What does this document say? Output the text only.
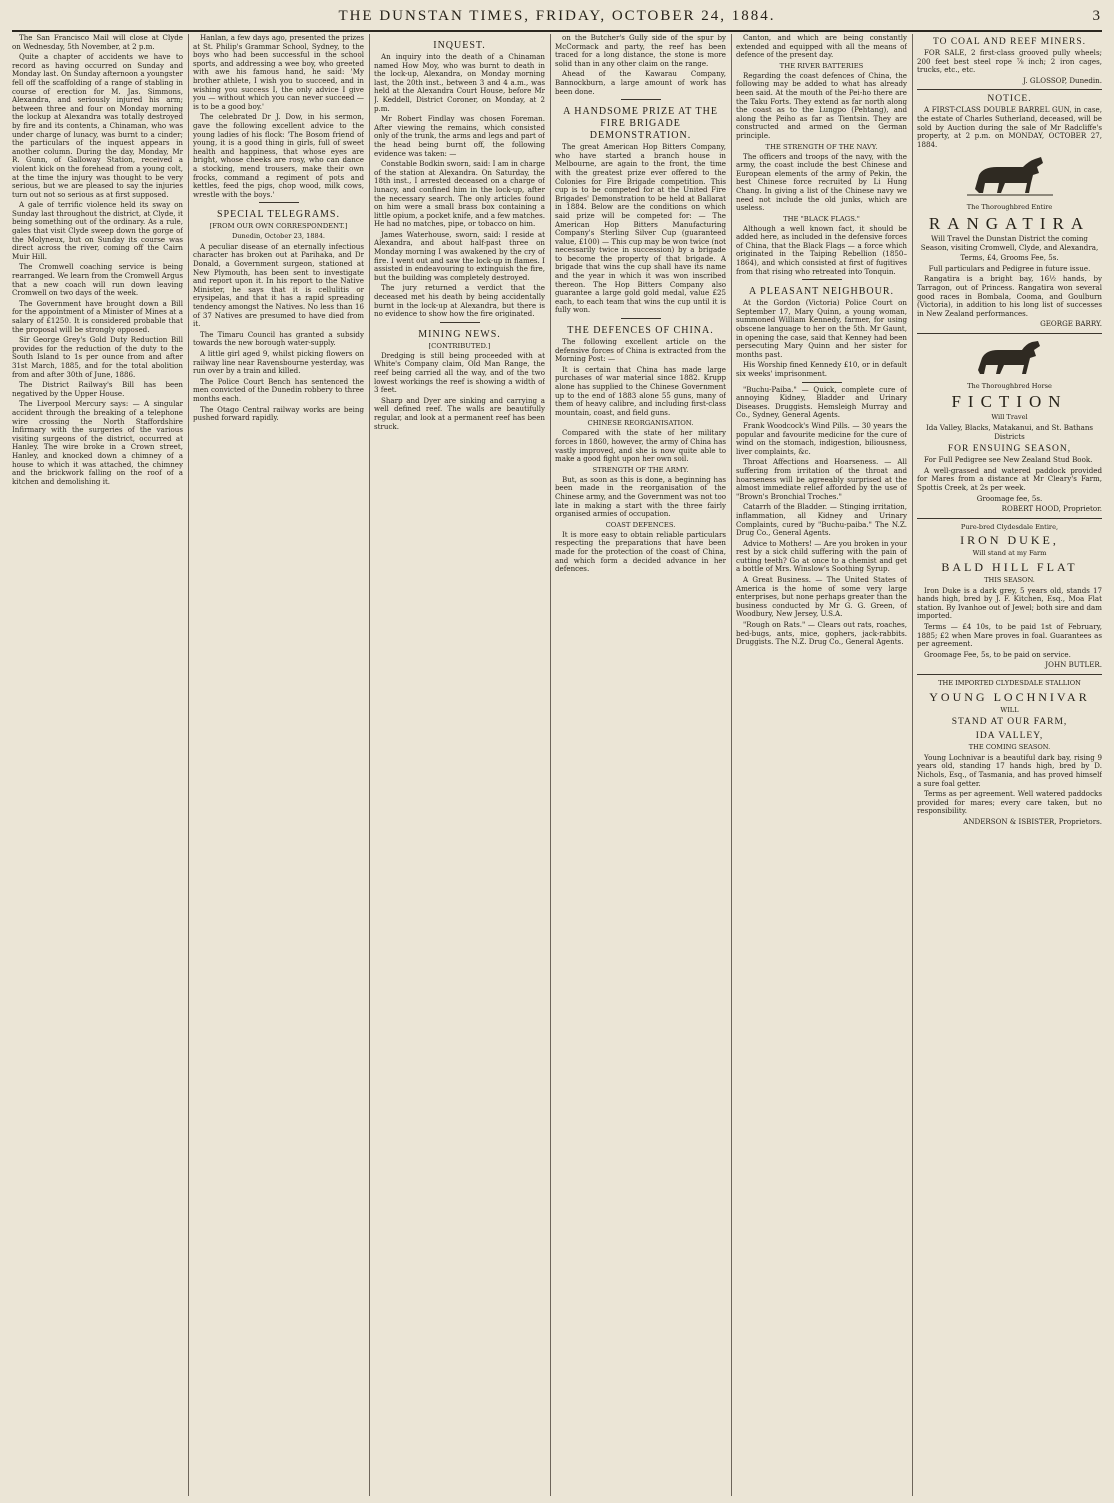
THE DUNSTAN TIMES, FRIDAY, OCTOBER 24, 1884.	3

The San Francisco Mail will close at Clyde on Wednesday, 5th November, at 2 p.m.

Quite a chapter of accidents we have to record as having occurred on Sunday and Monday last. On Sunday afternoon a youngster fell off the scaffolding of a range of stabling in course of erection for M. Jas. Simmons, Alexandra, and seriously injured his arm; between three and four on Monday morning the lockup at Alexandra was totally destroyed by fire and its contents, a Chinaman, who was under charge of lunacy, was burnt to a cinder; the particulars of the inquest appears in another column. During the day, Monday, Mr R. Gunn, of Galloway Station, received a violent kick on the forehead from a young colt, at the time the injury was thought to be very serious, but we are pleased to say the injuries turn out not so serious as at first supposed.

A gale of terrific violence held its sway on Sunday last throughout the district, at Clyde, it being something out of the ordinary. As a rule, gales that visit Clyde sweep down the gorge of the Molyneux, but on Sunday its course was direct across the river, coming off the Cairn Muir Hill.

The Cromwell coaching service is being rearranged. We learn from the Cromwell Argus that a new coach will run down leaving Cromwell on two days of the week.

The Government have brought down a Bill for the appointment of a Minister of Mines at a salary of £1250. It is considered probable that the proposal will be strongly opposed.

Sir George Grey's Gold Duty Reduction Bill provides for the reduction of the duty to the South Island to 1s per ounce from and after 31st March, 1885, and for the total abolition from and after 30th of June, 1886.

The District Railway's Bill has been negatived by the Upper House.

The Liverpool Mercury says: — A singular accident through the breaking of a telephone wire crossing the North Staffordshire Infirmary with the surgeries of the various visiting surgeons of the district, occurred at Hanley. The wire broke in a Crown street, Hanley, and knocked down a chimney of a house to which it was attached, the chimney and the brickwork falling on the roof of a kitchen and demolishing it.

Hanlan, a few days ago, presented the prizes at St. Philip's Grammar School, Sydney, to the boys who had been successful in the school sports, and addressing a wee boy, who greeted with awe his famous hand, he said: 'My brother athlete, I wish you to succeed, and in wishing you success I, the only advice I give you — without which you can never succeed — is to be a good boy.'

The celebrated Dr J. Dow, in his sermon, gave the following excellent advice to the young ladies of his flock: 'The Bosom friend of young, it is a good thing in girls, full of sweet health and happiness, that whose eyes are bright, whose cheeks are rosy, who can dance a stocking, mend trousers, make their own frocks, command a regiment of pots and kettles, feed the pigs, chop wood, milk cows, wrestle with the boys.'

SPECIAL TELEGRAMS.
[FROM OUR OWN CORRESPONDENT.]
Dunedin, October 23, 1884.

A peculiar disease of an eternally infectious character has broken out at Parihaka, and Dr Donald, a Government surgeon, stationed at New Plymouth, has been sent to investigate and report upon it. In his report to the Native Minister, he says that it is cellulitis or erysipelas, and that it has a rapid spreading tendency amongst the Natives. No less than 16 of 37 Natives are presumed to have died from it.

The Timaru Council has granted a subsidy towards the new borough water-supply.

A little girl aged 9, whilst picking flowers on railway line near Ravensbourne yesterday, was run over by a train and killed.

The Police Court Bench has sentenced the men convicted of the Dunedin robbery to three months each.

The Otago Central railway works are being pushed forward rapidly.

INQUEST.

An inquiry into the death of a Chinaman named How Moy, who was burnt to death in the lock-up, Alexandra, on Monday morning last, the 20th inst., between 3 and 4 a.m., was held at the Alexandra Court House, before Mr J. Keddell, District Coroner, on Monday, at 2 p.m.

Mr Robert Findlay was chosen Foreman. After viewing the remains, which consisted only of the trunk, the arms and legs and part of the head being burnt off, the following evidence was taken: —

Constable Bodkin sworn, said: I am in charge of the station at Alexandra. On Saturday, the 18th inst., I arrested deceased on a charge of lunacy, and confined him in the lock-up, after the necessary search. The only articles found on him were a small brass box containing a little opium, a pocket knife, and a few matches. He had no matches, pipe, or tobacco on him.

James Waterhouse, sworn, said: I reside at Alexandra, and about half-past three on Monday morning I was awakened by the cry of fire. I went out and saw the lock-up in flames. I assisted in endeavouring to extinguish the fire, but the building was completely destroyed.

The jury returned a verdict that the deceased met his death by being accidentally burnt in the lock-up at Alexandra, but there is no evidence to show how the fire originated.

MINING NEWS.
[CONTRIBUTED.]

Dredging is still being proceeded with at White's Company claim, Old Man Range, the reef being carried all the way, and of the two lowest workings the reef is showing a width of 3 feet.

Sharp and Dyer are sinking and carrying a well defined reef. The walls are beautifully regular, and look at a permanent reef has been struck.

on the Butcher's Gully side of the spur by McCormack and party, the reef has been traced for a long distance, the stone is more solid than in any other claim on the range.

Ahead of the Kawarau Company, Bannockburn, a large amount of work has been done.

A HANDSOME PRIZE AT THE FIRE BRIGADE DEMONSTRATION.

The great American Hop Bitters Company, who have started a branch house in Melbourne, are again to the front, the time with the greatest prize ever offered to the Colonies for Fire Brigade competition. This cup is to be competed for at the United Fire Brigades' Demonstration to be held at Ballarat in 1884. Below are the conditions on which said prize will be competed for: — The American Hop Bitters Manufacturing Company's Sterling Silver Cup (guaranteed value, £100) — This cup may be won twice (not necessarily twice in succession) by a brigade to become the property of that brigade. A brigade that wins the cup shall have its name and the year in which it was won inscribed thereon. The Hop Bitters Company also guarantee a large gold gold medal, value £25 each, to each team that wins the cup until it is fully won.

THE DEFENCES OF CHINA.

The following excellent article on the defensive forces of China is extracted from the Morning Post: —

It is certain that China has made large purchases of war material since 1882. Krupp alone has supplied to the Chinese Government up to the end of 1883 alone 55 guns, many of them of heavy calibre, and including first-class mountain, coast, and field guns.

CHINESE REORGANISATION.

Compared with the state of her military forces in 1860, however, the army of China has vastly improved, and she is now quite able to make a good fight upon her own soil.

STRENGTH OF THE ARMY.

But, as soon as this is done, a beginning has been made in the reorganisation of the Chinese army, and the Government was not too late in making a start with the three fairly organised armies of occupation.

COAST DEFENCES.

It is more easy to obtain reliable particulars respecting the preparations that have been made for the protection of the coast of China, and which form a decided advance in her defences.

Canton, and which are being constantly extended and equipped with all the means of defence of the present day.

THE RIVER BATTERIES

Regarding the coast defences of China, the following may be added to what has already been said. At the mouth of the Pei-ho there are the Taku Forts. They extend as far north along the coast as to the Lungpo (Pehtang), and along the Peiho as far as Tientsin. They are constructed and armed on the German principle.

THE STRENGTH OF THE NAVY.

The officers and troops of the navy, with the army, the coast include the best Chinese and European elements of the army of Pekin, the best Chinese force recruited by Li Hung Chang. In giving a list of the Chinese navy we need not include the old junks, which are useless.

THE "BLACK FLAGS."

Although a well known fact, it should be added here, as included in the defensive forces of China, that the Black Flags — a force which originated in the Taiping Rebellion (1850–1864), and which consisted at first of fugitives from that rising who retreated into Tonquin.

A PLEASANT NEIGHBOUR.

At the Gordon (Victoria) Police Court on September 17, Mary Quinn, a young woman, summoned William Kennedy, farmer, for using obscene language to her on the 5th. Mr Gaunt, in opening the case, said that Kenney had been persecuting Mary Quinn and her sister for months past.

His Worship fined Kennedy £10, or in default six weeks' imprisonment.

"Buchu-Paiba." — Quick, complete cure of annoying Kidney, Bladder and Urinary Diseases. Druggists. Hemsleigh Murray and Co., Sydney, General Agents.

Frank Woodcock's Wind Pills. — 30 years the popular and favourite medicine for the cure of wind on the stomach, indigestion, biliousness, liver complaints, &c.

Throat Affections and Hoarseness. — All suffering from irritation of the throat and hoarseness will be agreeably surprised at the almost immediate relief afforded by the use of "Brown's Bronchial Troches."

Catarrh of the Bladder. — Stinging irritation, inflammation, all Kidney and Urinary Complaints, cured by "Buchu-paiba." The N.Z. Drug Co., General Agents.

Advice to Mothers! — Are you broken in your rest by a sick child suffering with the pain of cutting teeth? Go at once to a chemist and get a bottle of Mrs. Winslow's Soothing Syrup.

A Great Business. — The United States of America is the home of some very large enterprises, but none perhaps greater than the business conducted by Mr G. G. Green, of Woodbury, New Jersey, U.S.A.

"Rough on Rats." — Clears out rats, roaches, bed-bugs, ants, mice, gophers, jack-rabbits. Druggists. The N.Z. Drug Co., General Agents.

TO COAL AND REEF MINERS.

FOR SALE, 2 first-class grooved pully wheels; 200 feet best steel rope ⅞ inch; 2 iron cages, trucks, etc., etc.

J. GLOSSOP, Dunedin.

NOTICE.

A FIRST-CLASS DOUBLE BARREL GUN, in case, the estate of Charles Sutherland, deceased, will be sold by Auction during the sale of Mr Radcliffe's property, at 2 p.m. on MONDAY, OCTOBER 27, 1884.

The Thoroughbred Entire
RANGATIRA

Will Travel the Dunstan District the coming Season, visiting Cromwell, Clyde, and Alexandra,

Terms, £4, Grooms Fee, 5s.

Full particulars and Pedigree in future issue.

Rangatira is a bright bay, 16½ hands, by Tarragon, out of Princess. Rangatira won several good races in Bombala, Cooma, and Goulburn (Victoria), in addition to his long list of successes in New Zealand performances.

GEORGE BARRY.

The Thoroughbred Horse
FICTION
Will Travel

Ida Valley, Blacks, Matakanui, and St. Bathans Districts

FOR ENSUING SEASON,

For Full Pedigree see New Zealand Stud Book.

A well-grassed and watered paddock provided for Mares from a distance at Mr Cleary's Farm, Spottis Creek, at 2s per week.

Groomage fee, 5s.

ROBERT HOOD, Proprietor.

Pure-bred Clydesdale Entire,
IRON DUKE,
Will stand at my Farm
BALD HILL FLAT
THIS SEASON.

Iron Duke is a dark grey, 5 years old, stands 17 hands high, bred by J. F. Kitchen, Esq., Moa Flat station. By Ivanhoe out of Jewel; both sire and dam imported.

Terms — £4 10s, to be paid 1st of February, 1885; £2 when Mare proves in foal. Guarantees as per agreement.

Groomage Fee, 5s, to be paid on service.

JOHN BUTLER.

THE IMPORTED CLYDESDALE STALLION
YOUNG LOCHNIVAR
WILL
STAND AT OUR FARM,
IDA VALLEY,
THE COMING SEASON.

Young Lochnivar is a beautiful dark bay, rising 9 years old, standing 17 hands high, bred by D. Nichols, Esq., of Tasmania, and has proved himself a sure foal getter.

Terms as per agreement. Well watered paddocks provided for mares; every care taken, but no responsibility.

ANDERSON & ISBISTER, Proprietors.
